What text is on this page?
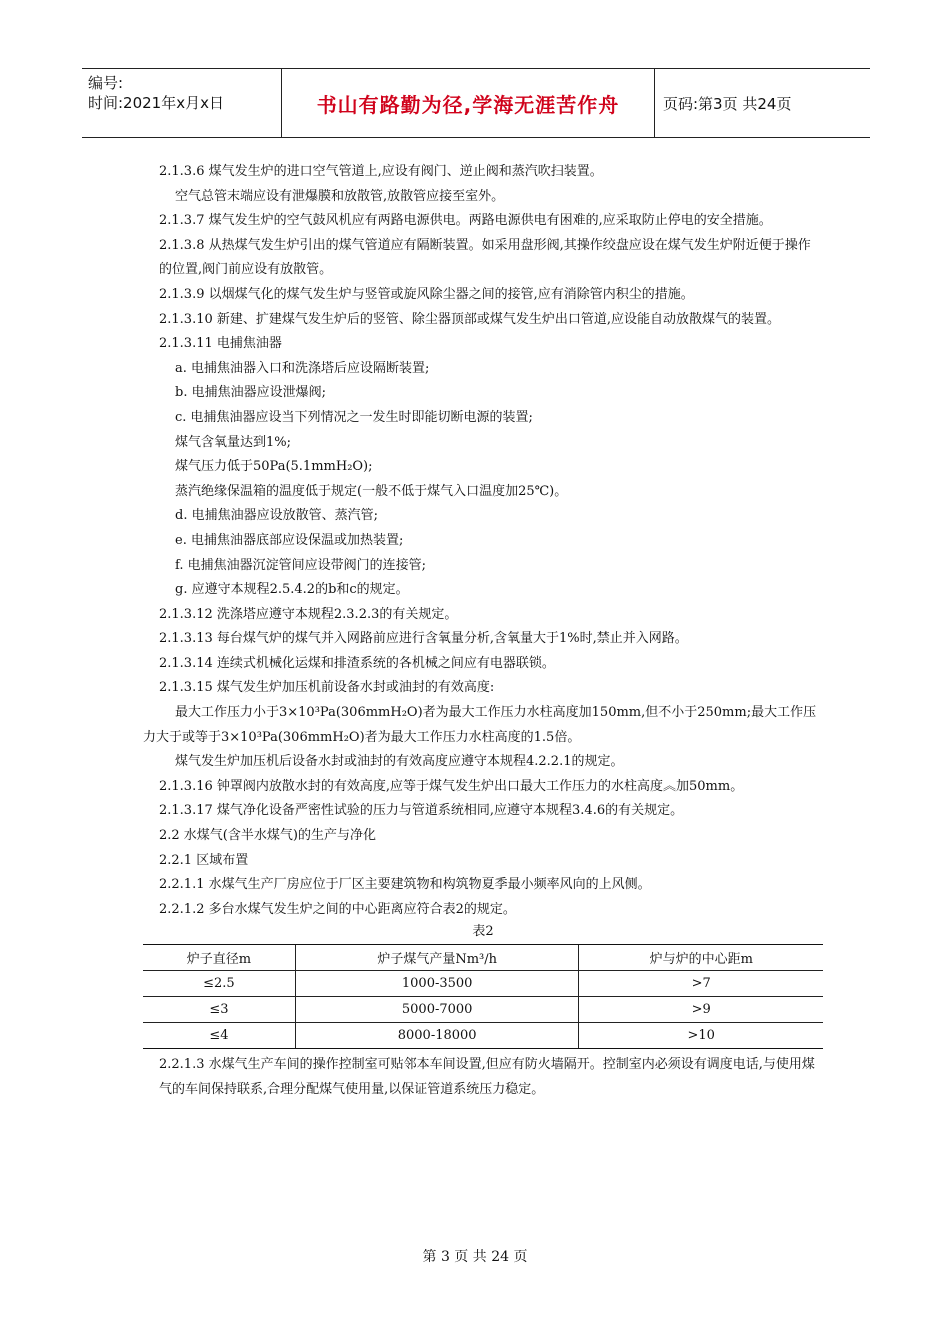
编号:
时间:2021年x月x日	书山有路勤为径,学海无涯苦作舟	页码:第3页 共24页

2.1.3.6 煤气发生炉的进口空气管道上,应设有阀门、逆止阀和蒸汽吹扫装置。

空气总管末端应设有泄爆膜和放散管,放散管应接至室外。

2.1.3.7 煤气发生炉的空气鼓风机应有两路电源供电。两路电源供电有困难的,应采取防止停电的安全措施。

2.1.3.8 从热煤气发生炉引出的煤气管道应有隔断装置。如采用盘形阀,其操作绞盘应设在煤气发生炉附近便于操作的位置,阀门前应设有放散管。

2.1.3.9 以烟煤气化的煤气发生炉与竖管或旋风除尘器之间的接管,应有消除管内积尘的措施。

2.1.3.10 新建、扩建煤气发生炉后的竖管、除尘器顶部或煤气发生炉出口管道,应设能自动放散煤气的装置。

2.1.3.11 电捕焦油器

a. 电捕焦油器入口和洗涤塔后应设隔断装置;

b. 电捕焦油器应设泄爆阀;

c. 电捕焦油器应设当下列情况之一发生时即能切断电源的装置;

煤气含氧量达到1%;

煤气压力低于50Pa(5.1mmH₂O);

蒸汽绝缘保温箱的温度低于规定(一般不低于煤气入口温度加25℃)。

d. 电捕焦油器应设放散管、蒸汽管;

e. 电捕焦油器底部应设保温或加热装置;

f. 电捕焦油器沉淀管间应设带阀门的连接管;

g. 应遵守本规程2.5.4.2的b和c的规定。

2.1.3.12 洗涤塔应遵守本规程2.3.2.3的有关规定。

2.1.3.13 每台煤气炉的煤气并入网路前应进行含氧量分析,含氧量大于1%时,禁止并入网路。

2.1.3.14 连续式机械化运煤和排渣系统的各机械之间应有电器联锁。

2.1.3.15 煤气发生炉加压机前设备水封或油封的有效高度:

最大工作压力小于3×10³Pa(306mmH₂O)者为最大工作压力水柱高度加150mm,但不小于250mm;最大工作压力大于或等于3×10³Pa(306mmH₂O)者为最大工作压力水柱高度的1.5倍。

煤气发生炉加压机后设备水封或油封的有效高度应遵守本规程4.2.2.1的规定。

2.1.3.16 钟罩阀内放散水封的有效高度,应等于煤气发生炉出口最大工作压力的水柱高度︽加50mm。

2.1.3.17 煤气净化设备严密性试验的压力与管道系统相同,应遵守本规程3.4.6的有关规定。

2.2 水煤气(含半水煤气)的生产与净化

2.2.1 区域布置

2.2.1.1 水煤气生产厂房应位于厂区主要建筑物和构筑物夏季最小频率风向的上风侧。

2.2.1.2 多台水煤气发生炉之间的中心距离应符合表2的规定。

表2
炉子直径m	炉子煤气产量Nm³/h	炉与炉的中心距m
≤2.5	1000-3500	>7
≤3	5000-7000	>9
≤4	8000-18000	>10

2.2.1.3 水煤气生产车间的操作控制室可贴邻本车间设置,但应有防火墙隔开。控制室内必须设有调度电话,与使用煤气的车间保持联系,合理分配煤气使用量,以保证管道系统压力稳定。

第 3 页 共 24 页
